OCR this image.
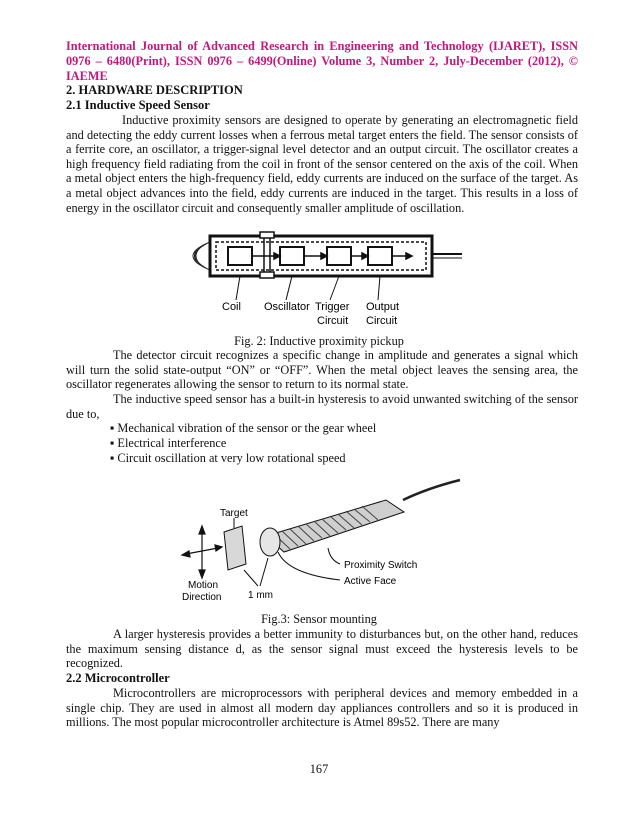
International Journal of Advanced Research in Engineering and Technology (IJARET), ISSN 0976 – 6480(Print), ISSN 0976 – 6499(Online) Volume 3, Number 2, July-December (2012), © IAEME
2. HARDWARE DESCRIPTION
2.1 Inductive Speed Sensor

Inductive proximity sensors are designed to operate by generating an electromagnetic field and detecting the eddy current losses when a ferrous metal target enters the field. The sensor consists of a ferrite core, an oscillator, a trigger-signal level detector and an output circuit. The oscillator creates a high frequency field radiating from the coil in front of the sensor centered on the axis of the coil. When a metal object enters the high-frequency field, eddy currents are induced on the surface of the target. As a metal object advances into the field, eddy currents are induced in the target. This results in a loss of energy in the oscillator circuit and consequently smaller amplitude of oscillation.

Coil Oscillator Trigger
Circuit
Output
Circuit
Fig. 2: Inductive proximity pickup

The detector circuit recognizes a specific change in amplitude and generates a signal which will turn the solid state-output “ON” or “OFF”. When the metal object leaves the sensing area, the oscillator regenerates allowing the sensor to return to its normal state.

The inductive speed sensor has a built-in hysteresis to avoid unwanted switching of the sensor due to,

▪ Mechanical vibration of the sensor or the gear wheel
▪ Electrical interference
▪ Circuit oscillation at very low rotational speed
Target
Motion
Direction	1 mm
Proximity Switch
Active Face
Fig.3: Sensor mounting

A larger hysteresis provides a better immunity to disturbances but, on the other hand, reduces the maximum sensing distance d, as the sensor signal must exceed the hysteresis levels to be recognized.

2.2 Microcontroller

Microcontrollers are microprocessors with peripheral devices and memory embedded in a single chip. They are used in almost all modern day appliances controllers and so it is produced in millions. The most popular microcontroller architecture is Atmel 89s52. There are many

167
